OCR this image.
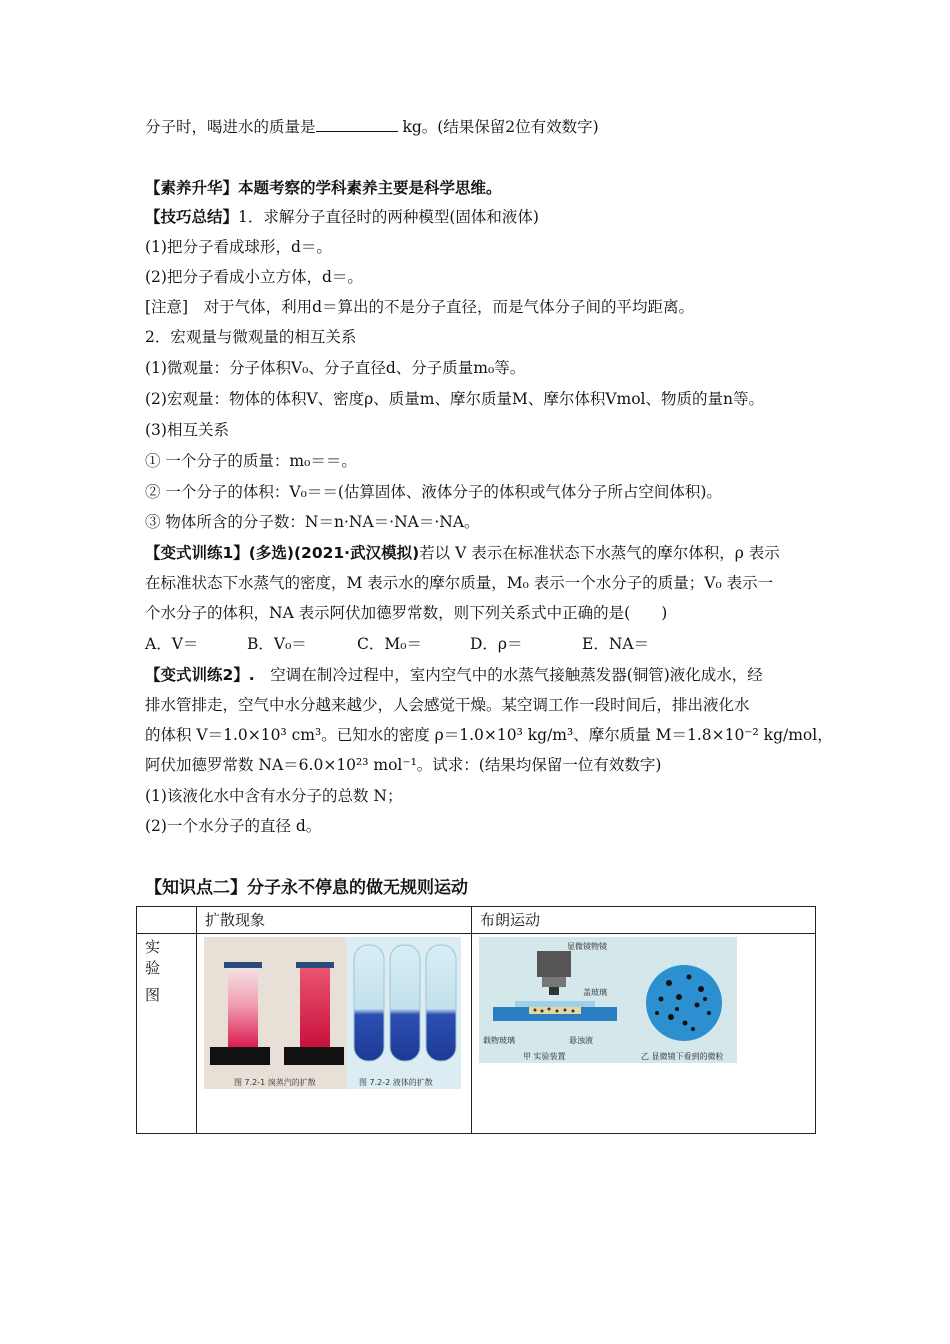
分子时，喝进水的质量是	kg。(结果保留2位有效数字)
【素养升华】本题考察的学科素养主要是科学思维。
【技巧总结】1．求解分子直径时的两种模型(固体和液体)
(1)把分子看成球形，d＝。
(2)把分子看成小立方体，d＝。
[注意]　对于气体，利用d＝算出的不是分子直径，而是气体分子间的平均距离。
2．宏观量与微观量的相互关系
(1)微观量：分子体积V₀、分子直径d、分子质量m₀等。
(2)宏观量：物体的体积V、密度ρ、质量m、摩尔质量M、摩尔体积Vmol、物质的量n等。
(3)相互关系
① 一个分子的质量：m₀＝＝。
② 一个分子的体积：V₀＝＝(估算固体、液体分子的体积或气体分子所占空间体积)。
③ 物体所含的分子数：N＝n·NA＝·NA＝·NA。
【变式训练1】(多选)(2021·武汉模拟)若以 V 表示在标准状态下水蒸气的摩尔体积，ρ 表示
在标准状态下水蒸气的密度，M 表示水的摩尔质量，M₀ 表示一个水分子的质量；V₀ 表示一
个水分子的体积，NA 表示阿伏加德罗常数，则下列关系式中正确的是(　　)
A．V＝	B．V₀＝	C．M₀＝	D．ρ＝	E．NA＝
【变式训练2】.　空调在制冷过程中，室内空气中的水蒸气接触蒸发器(铜管)液化成水，经
排水管排走，空气中水分越来越少，人会感觉干燥。某空调工作一段时间后，排出液化水
的体积 V＝1.0×10³ cm³。已知水的密度 ρ＝1.0×10³ kg/m³、摩尔质量 M＝1.8×10⁻² kg/mol，
阿伏加德罗常数 NA＝6.0×10²³ mol⁻¹。试求：(结果均保留一位有效数字)
(1)该液化水中含有水分子的总数 N；
(2)一个水分子的直径 d。
【知识点二】分子永不停息的做无规则运动
	扩散现象	布朗运动

实　验
图		

图 7.2-1 溴蒸汽的扩散	图 7.2-2 液体的扩散
显微镜物镜
盖玻璃
载物玻璃	悬浊液
甲 实验装置	乙 显微镜下看到的微粒
